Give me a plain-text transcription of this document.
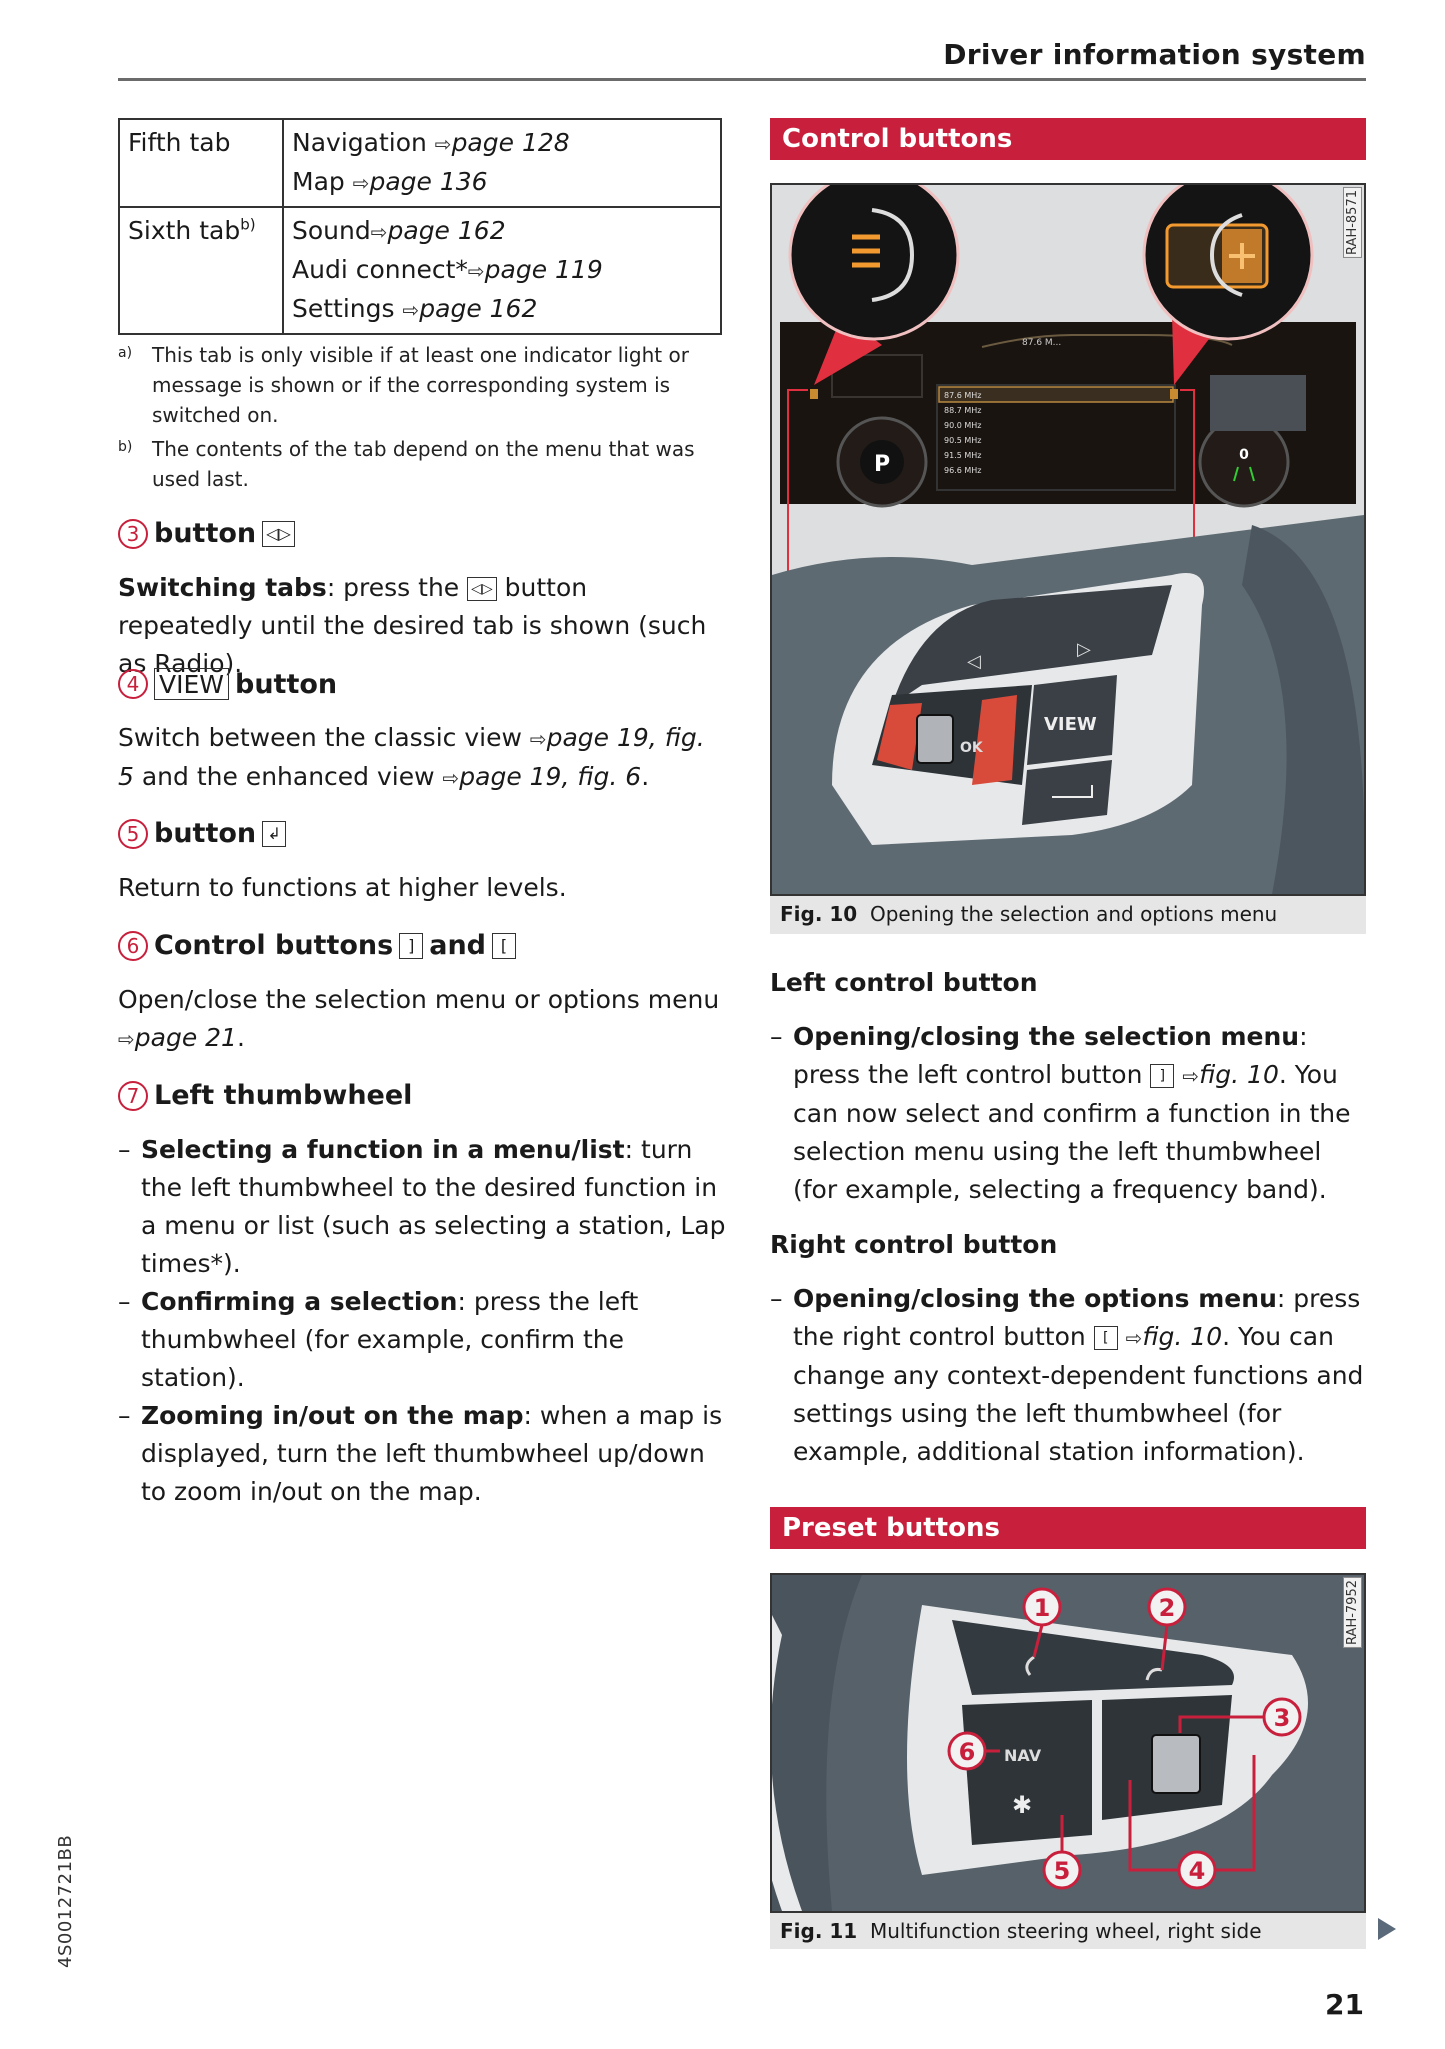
Driver information system
Fifth tab	Navigation ⇨page 128
Map ⇨page 136

Sixth tab$^{b)}$	Sound⇨page 162
Audi connect*⇨page 119
Settings ⇨page 162
a) This tab is only visible if at least one indicator light or message is shown or if the corresponding system is switched on.
b) The contents of the tab depend on the menu that was used last.
3 button ◁▷
Switching tabs: press the ◁▷ button repeatedly until the desired tab is shown (such as Radio).
4 VIEW button
Switch between the classic view ⇨page 19, fig. 5 and the enhanced view ⇨page 19, fig. 6.
5 button ↲
Return to functions at higher levels.
6 Control buttons ] and [
Open/close the selection menu or options menu
⇨page 21.
7 Left thumbwheel
– Selecting a function in a menu/list: turn the left thumbwheel to the desired function in a menu or list (such as selecting a station, Lap times*).
– Confirming a selection: press the left thumbwheel (for example, confirm the station).
– Zooming in/out on the map: when a map is displayed, turn the left thumbwheel up/down to zoom in/out on the map.
Control buttons
P	0
87.6 M...
87.6 MHz
88.7 MHz
90.0 MHz
90.5 MHz
91.5 MHz
96.6 MHz
◁
▷
OK
VIEW
RAH-8571
Fig. 10 Opening the selection and options menu
Left control button
– Opening/closing the selection menu: press the left control button ] ⇨fig. 10. You can now select and confirm a function in the selection menu using the left thumbwheel (for example, selecting a frequency band).
Right control button
– Opening/closing the options menu: press the right control button [ ⇨fig. 10. You can change any context-dependent functions and settings using the left thumbwheel (for example, additional station information).
Preset buttons
NAV
✱
1	2
3
4
5
6
RAH-7952
Fig. 11 Multifunction steering wheel, right side
4S0012721BB
21
